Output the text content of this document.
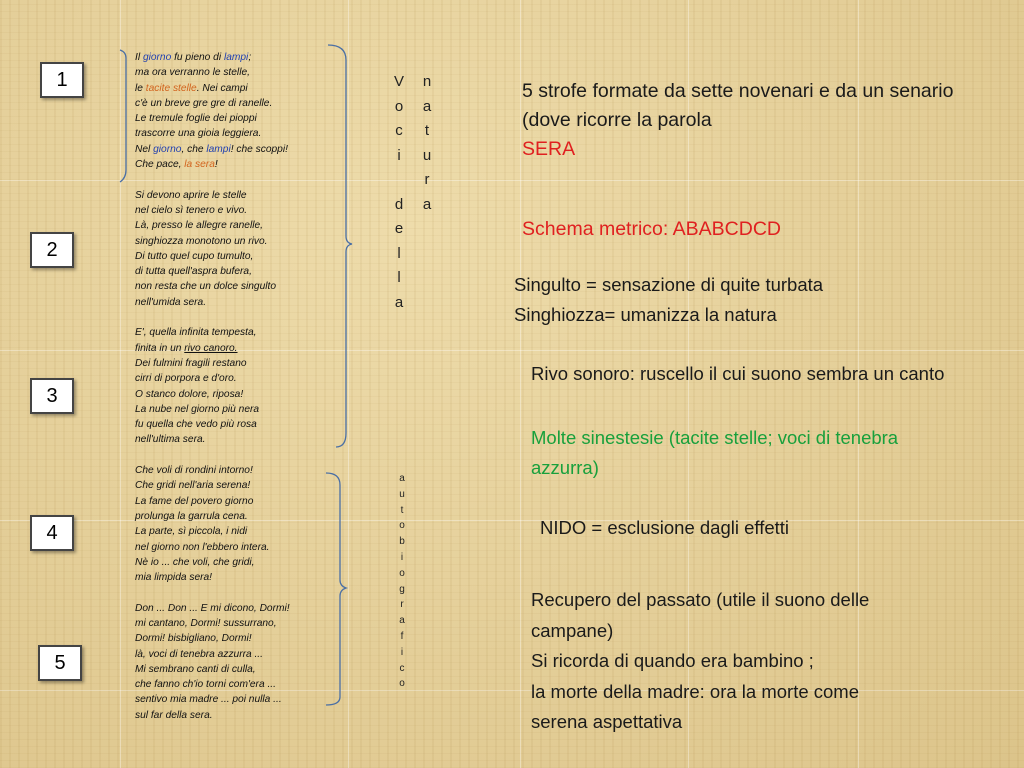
1
2
3
4
5
Il giorno fu pieno di lampi;
ma ora verranno le stelle,
le tacite stelle. Nei campi
c'è un breve gre gre di ranelle.
Le tremule foglie dei pioppi
trascorre una gioia leggiera.
Nel giorno, che lampi! che scoppi!
Che pace, la sera!
Si devono aprire le stelle
nel cielo sì tenero e vivo.
Là, presso le allegre ranelle,
singhiozza monotono un rivo.
Di tutto quel cupo tumulto,
di tutta quell'aspra bufera,
non resta che un dolce singulto
nell'umida sera.
E', quella infinita tempesta,
finita in un rivo canoro.
Dei fulmini fragili restano
cirri di porpora e d'oro.
O stanco dolore, riposa!
La nube nel giorno più nera
fu quella che vedo più rosa
nell'ultima sera.
Che voli di rondini intorno!
Che gridi nell'aria serena!
La fame del povero giorno
prolunga la garrula cena.
La parte, sì piccola, i nidi
nel giorno non l'ebbero intera.
Nè io ... che voli, che gridi,
mia limpida sera!
Don ... Don ... E mi dicono, Dormi!
mi cantano, Dormi! sussurrano,
Dormi! bisbigliano, Dormi!
là, voci di tenebra azzurra ...
Mi sembrano canti di culla,
che fanno ch'io torni com'era ...
sentivo mia madre ... poi nulla ...
sul far della sera.
V
o
c
i

d
e
l
l
a
n
a
t
u
r
a
a
u
t
o
b
i
o
g
r
a
f
i
c
o
5 strofe formate da sette novenari e da un senario (dove ricorre la parola
SERA
Schema metrico: ABABCDCD
Singulto = sensazione di quite turbata
Singhiozza= umanizza la natura
Rivo sonoro: ruscello il cui suono sembra un canto
Molte sinestesie (tacite stelle; voci di tenebra azzurra)
NIDO = esclusione dagli effetti
Recupero del passato (utile il suono delle campane)
Si ricorda di quando era bambino ;
la morte della madre: ora la morte come serena aspettativa
